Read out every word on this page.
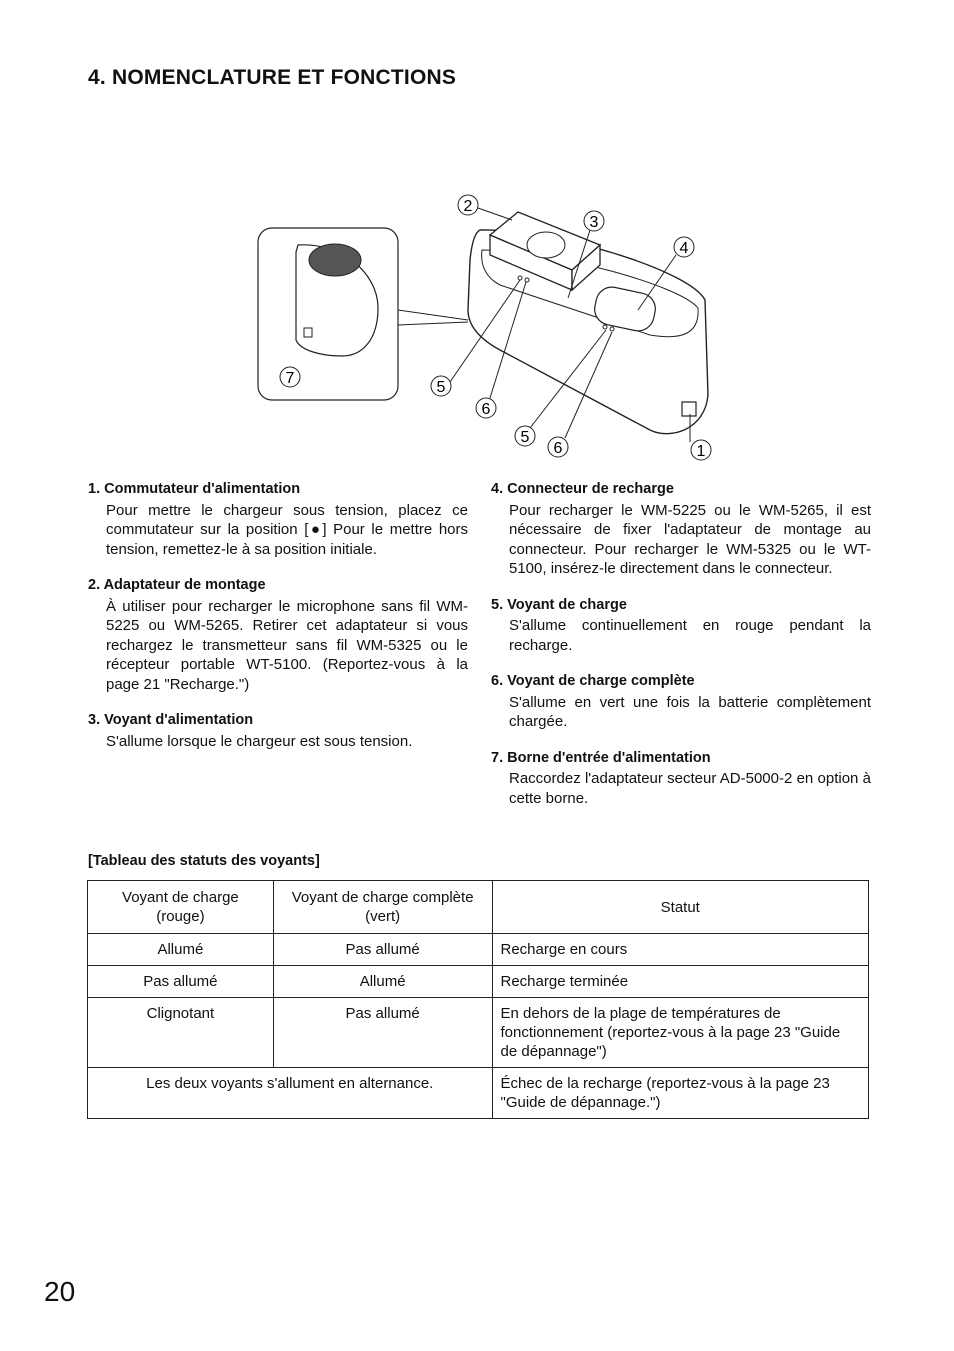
4. NOMENCLATURE ET FONCTIONS
2
3
4
7
5
6
5
6	1
1. Commutateur d'alimentation
Pour mettre le chargeur sous tension, placez ce commutateur sur la position [●] Pour le mettre hors tension, remettez-le à sa position initiale.
2. Adaptateur de montage
À utiliser pour recharger le microphone sans fil WM-5225 ou WM-5265. Retirer cet adaptateur si vous rechargez le transmetteur sans fil WM-5325 ou le récepteur portable WT-5100. (Reportez-vous à la page 21 "Recharge.")
3. Voyant d'alimentation
S'allume lorsque le chargeur est sous tension.
4. Connecteur de recharge
Pour recharger le WM-5225 ou le WM-5265, il est nécessaire de fixer l'adaptateur de montage au connecteur. Pour recharger le WM-5325 ou le WT-5100, insérez-le directement dans le connecteur.
5. Voyant de charge
S'allume continuellement en rouge pendant la recharge.
6. Voyant de charge complète
S'allume en vert une fois la batterie complètement chargée.
7. Borne d'entrée d'alimentation
Raccordez l'adaptateur secteur AD-5000-2 en option à cette borne.
[Tableau des statuts des voyants]
Voyant de charge (rouge)	Voyant de charge complète (vert)	Statut
Allumé	Pas allumé	Recharge en cours
Pas allumé	Allumé	Recharge terminée
Clignotant	Pas allumé	En dehors de la plage de températures de fonctionnement (reportez-vous à la page 23 "Guide de dépannage")
Les deux voyants s'allument en alternance.		Échec de la recharge (reportez-vous à la page 23 "Guide de dépannage.")
20
